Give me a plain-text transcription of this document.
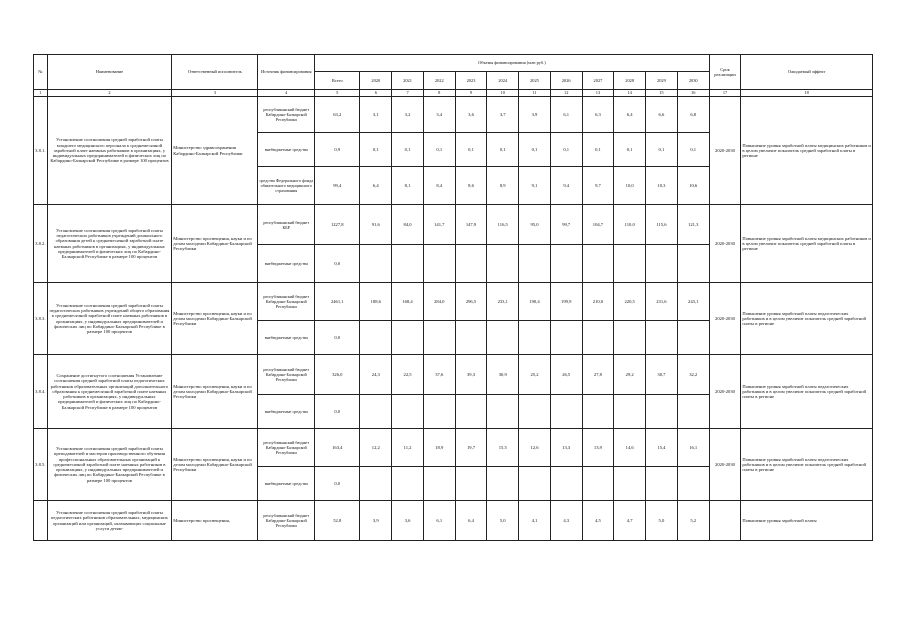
№	Наименование	Ответственный исполнитель	Источник финансирования	Объемы финансирования (млн руб.)												Срок реализации	Ожидаемый эффект
				Всего	2020	2021	2022	2023	2024	2025	2026	2027	2028	2029	2030		
1	2	3	4	5	6	7	8	9	10	11	12	13	14	15	16	17	18
3.8.1.	Установление соотношения средней заработной платы младшего медицинского персонала к среднемесячной заработной плате наемных работников в организациях, у индивидуальных предпринимателей и физических лиц по Кабардино-Балкарской Республике в размере 100 процентов	Министерство здравоохранения Кабардино-Балкарской Республики	республиканский бюджет Кабардино-Балкарской Республики	63,2	3,1	3,2	3,4	3,6	3,7	3,9	6,1	6,3	6,4	6,6	6,8	2020-2030	Повышение уровня заработной платы медицинских работников и в целом увеличит показатель средней заработной платы в регионе
			внебюджетные средства	0,9	0,1	0,1	0,1	0,1	0,1	0,1	0,1	0,1	0,1	0,1	0,1		
			средства Федерального фонда обязательного медицинского страхования	99,4	6,4	8,1	8,4	8,6	8,9	9,1	9,4	9,7	10,0	10,3	10,6		
3.8.2.	Установление соотношения средней заработной платы педагогических работников учреждений дошкольного образования детей к среднемесячной заработной плате наемных работников в организациях, у индивидуальных предпринимателей и физических лиц по Кабардино-Балкарской Республике в размере 100 процентов	Министерство просвещения, науки и по делам молодежи Кабардино-Балкарской Республики	республиканский бюджет КБР	1227,8	91,6	84,0	141,7	147,9	116,5	95,0	99,7	104,7	110,0	115,6	121,3	2020-2030	Повышение уровня заработной платы медицинских работников и в целом увеличит показатель средней заработной платы в регионе
			внебюджетные средства	0,0													
3.8.3.	Установление соотношения средней заработной платы педагогических работников учреждений общего образования к среднемесячной заработной плате наемных работников в организациях, у индивидуальных предпринимателей и физических лиц по Кабардино-Балкарской Республике в размере 100 процентов	Министерство просвещения, науки и по делам молодежи Кабардино-Балкарской Республики	республиканский бюджет Кабардино-Балкарской Республики	2461,1	188,6	168,4	284,0	296,5	233,1	190,4	199,9	210,0	220,5	231,6	243,1	2020-2030	Повышение уровня заработной платы педагогических работников и в целом увеличит показатель средней заработной платы в регионе
			внебюджетные средства	0,0													
3.8.4.	Сохранение достигнутого соотношения Установление соотношения средней заработной платы педагогических работников образовательных организаций дополнительного образования к среднемесячной заработной плате наемных работников в организациях, у индивидуальных предпринимателей и физических лиц по Кабардино-Балкарской Республике в размере 100 процентов	Министерство просвещения, науки и по делам молодежи Кабардино-Балкарской Республики	республиканский бюджет Кабардино-Балкарской Республики	326,0	24,3	22,5	37,6	39,3	30,9	25,2	26,5	27,8	29,2	30,7	32,2	2020-2030	Повышение уровня заработной платы педагогических работников и в целом увеличит показатель средней заработной платы в регионе
			внебюджетные средства	0,0													
3.8.5.	Установление соотношения средней заработной платы преподавателей и мастеров производственного обучения профессиональных образовательных организаций к среднемесячной заработной плате наемных работников в организациях, у индивидуальных предпринимателей и физических лиц по Кабардино-Балкарской Республике в размере 100 процентов	Министерство просвещения, науки и по делам молодежи Кабардино-Балкарской Республики	республиканский бюджет Кабардино-Балкарской Республики	163,4	12,2	11,2	18,9	19,7	15,5	12,6	13,3	13,9	14,6	15,4	16,1	2020-2030	Повышение уровня заработной платы педагогических работников и в целом увеличит показатель средней заработной платы в регионе
			внебюджетные средства	0,0													
	Установление соотношения средней заработной платы педагогических работников образовательных, медицинских организаций или организаций, оказывающих социальные услуги детям-	Министерство просвещения,	республиканский бюджет Кабардино-Балкарской Республики	52,8	3,9	3,6	6,1	6,4	5,0	4,1	4,3	4,5	4,7	5,0	5,2		Повышение уровня заработной платы
